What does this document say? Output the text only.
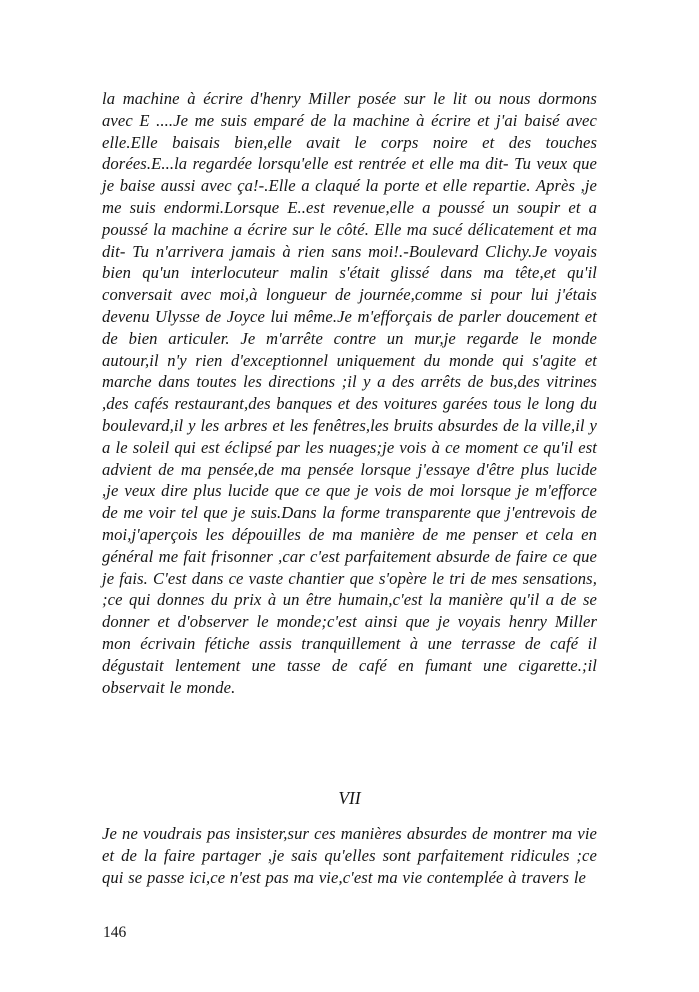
la machine à écrire d'henry Miller posée sur le lit ou nous dormons avec E ....Je me suis emparé de la machine à écrire et j'ai baisé avec elle.Elle baisais bien,elle avait le corps noire et des touches dorées.E...la regardée lorsqu'elle est rentrée et elle ma dit- Tu veux que je baise aussi avec ça!-.Elle a claqué la porte et elle repartie. Après ,je me suis endormi.Lorsque E..est revenue,elle a poussé un soupir et a poussé la machine a écrire sur le côté. Elle ma sucé délicatement et ma dit- Tu n'arrivera jamais à rien sans moi!.-Boulevard Clichy.Je voyais bien qu'un interlocuteur malin s'était glissé dans ma tête,et qu'il conversait avec moi,à longueur de journée,comme si pour lui j'étais devenu Ulysse de Joyce lui même.Je m'efforçais de parler doucement et de bien articuler. Je m'arrête contre un mur,je regarde le monde autour,il n'y rien d'exceptionnel uniquement du monde qui s'agite et marche dans toutes les directions ;il y a des arrêts de bus,des vitrines ,des cafés restaurant,des banques et des voitures garées tous le long du boulevard,il y les arbres et les fenêtres,les bruits absurdes de la ville,il y a le soleil qui est éclipsé par les nuages;je vois à ce moment ce qu'il est advient de ma pensée,de ma pensée lorsque j'essaye d'être plus lucide ,je veux dire plus lucide que ce que je vois de moi lorsque je m'efforce de me voir tel que je suis.Dans la forme transparente que j'entrevois de moi,j'aperçois les dépouilles de ma manière de me penser et cela en général me fait frisonner ,car c'est parfaitement absurde de faire ce que je fais. C'est dans ce vaste chantier que s'opère le tri de mes sensations, ;ce qui donnes du prix à un être humain,c'est la manière qu'il a de se donner et d'observer le monde;c'est ainsi que je voyais henry Miller mon écrivain fétiche assis tranquillement à une terrasse de café il dégustait lentement une tasse de café en fumant une cigarette.;il observait le monde.

VII

Je ne voudrais pas insister,sur ces manières absurdes de montrer ma vie et de la faire partager ,je sais qu'elles sont parfaitement ridicules ;ce qui se passe ici,ce n'est pas ma vie,c'est ma vie contemplée à travers le

146
